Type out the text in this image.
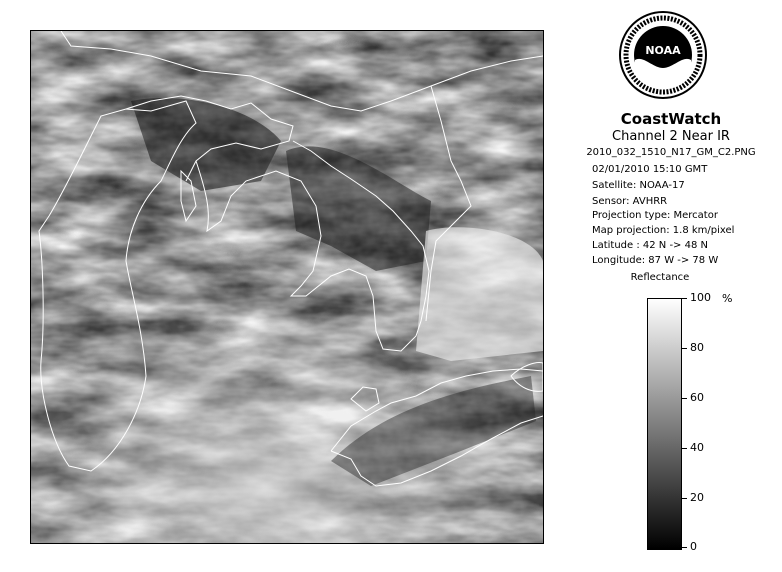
NOAA
CoastWatch
Channel 2 Near IR
2010_032_1510_N17_GM_C2.PNG
02/01/2010 15:10 GMT
Satellite: NOAA-17
Sensor: AVHRR
Projection type: Mercator
Map projection: 1.8 km/pixel
Latitude : 42 N -> 48 N
Longitude: 87 W -> 78 W
Reflectance
%
100
80
60
40
20
0
